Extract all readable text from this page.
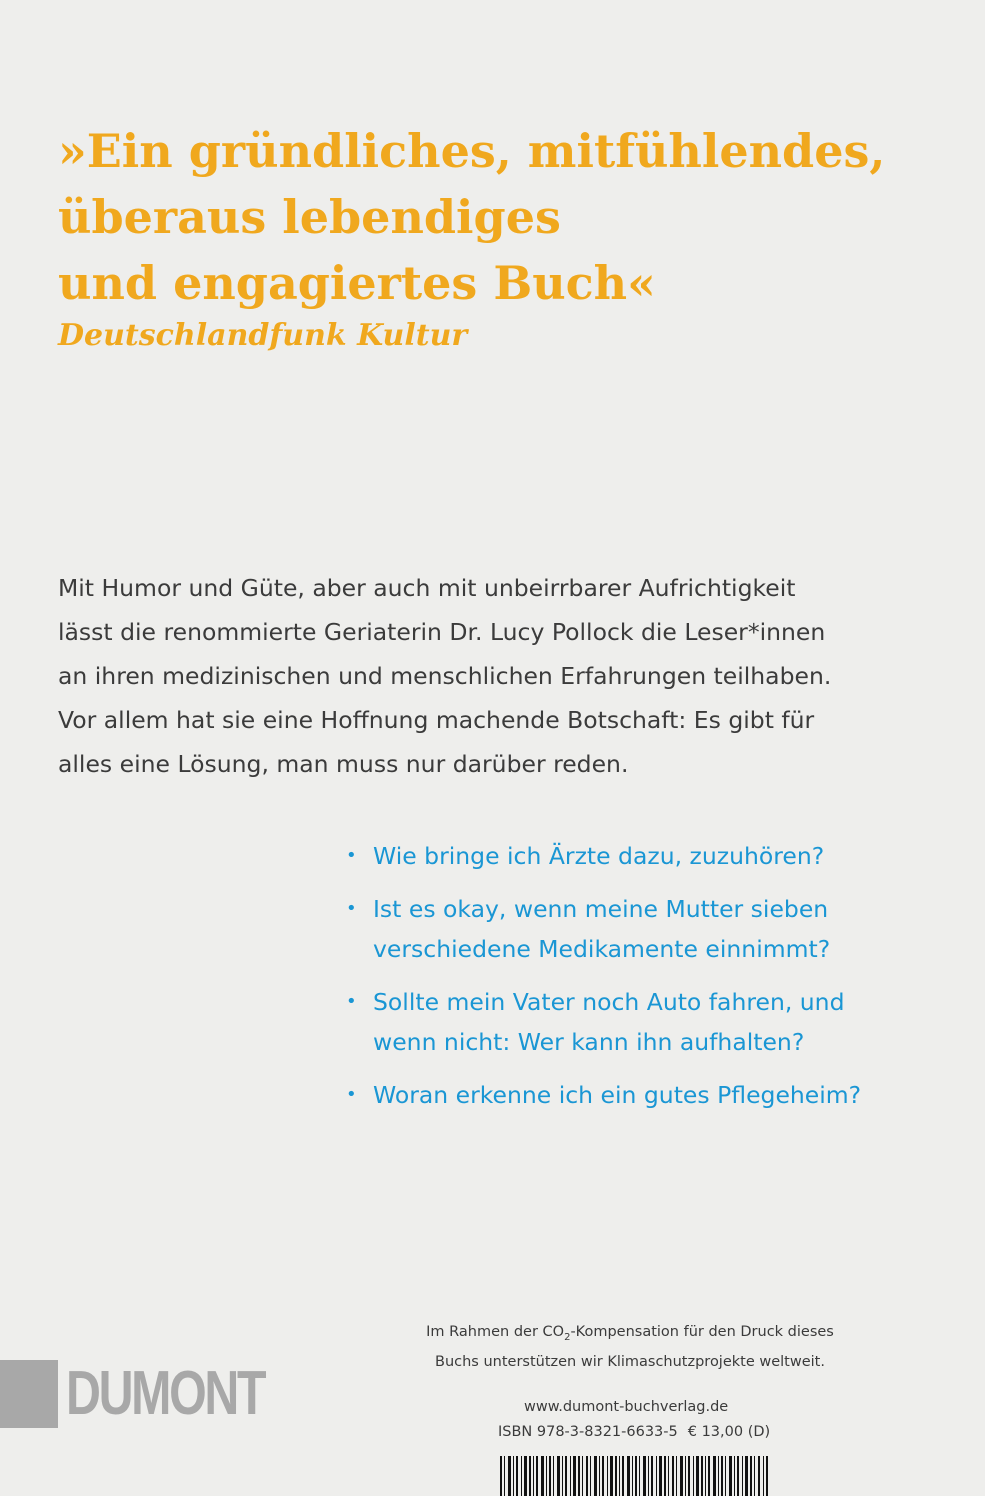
»Ein gründliches, mitfühlendes,
überaus lebendiges
und engagiertes Buch«
Deutschlandfunk Kultur
Mit Humor und Güte, aber auch mit unbeirrbarer Aufrichtigkeit
lässt die renommierte Geriaterin Dr. Lucy Pollock die Leser*innen
an ihren medizinischen und menschlichen Erfahrungen teilhaben.
Vor allem hat sie eine Hoffnung machende Botschaft: Es gibt für
alles eine Lösung, man muss nur darüber reden.
• Wie bringe ich Ärzte dazu, zuzuhören?
• Ist es okay, wenn meine Mutter sieben
verschiedene Medikamente einnimmt?
• Sollte mein Vater noch Auto fahren, und
wenn nicht: Wer kann ihn aufhalten?
• Woran erkenne ich ein gutes Pflegeheim?
Im Rahmen der $CO_2$-Kompensation für den Druck dieses
Buchs unterstützen wir Klimaschutzprojekte weltweit.
DUMONT	www.dumont-buchverlag.de
ISBN 978-3-8321-6633-5 € 13,00 (D)
